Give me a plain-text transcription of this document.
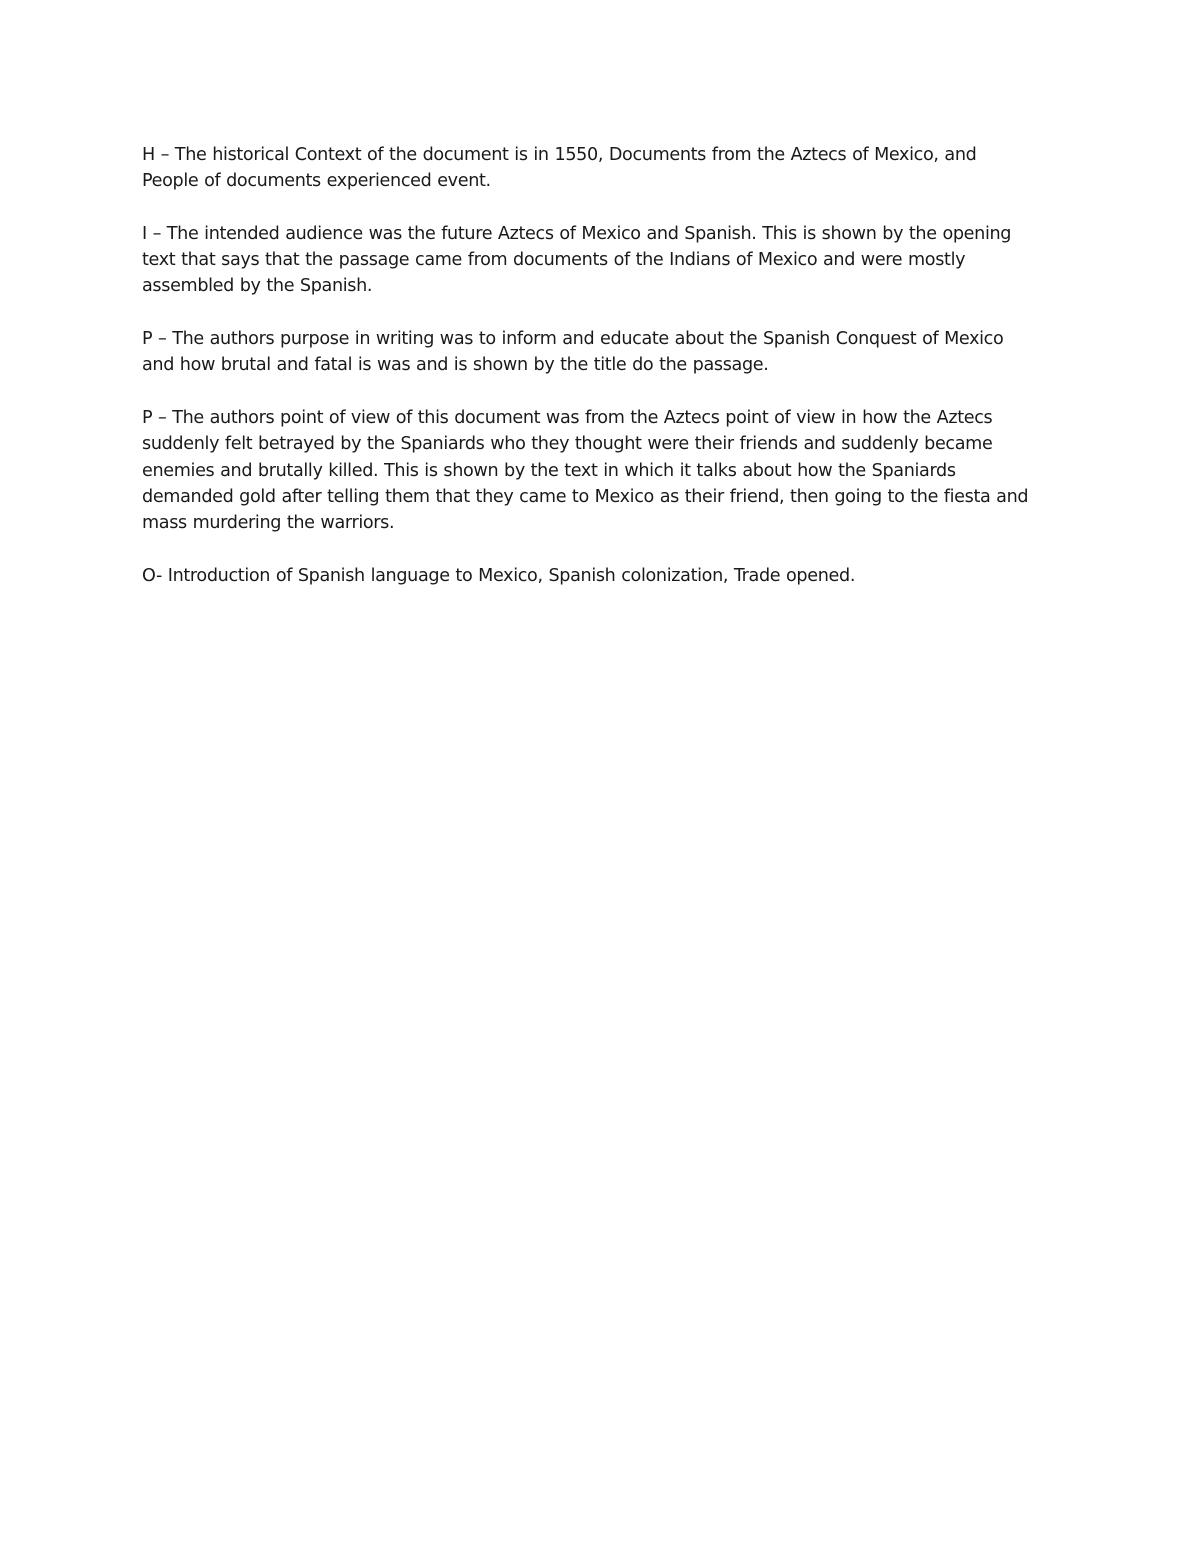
H – The historical Context of the document is in 1550, Documents from the Aztecs of Mexico, and
People of documents experienced event.

I – The intended audience was the future Aztecs of Mexico and Spanish. This is shown by the opening
text that says that the passage came from documents of the Indians of Mexico and were mostly
assembled by the Spanish.

P – The authors purpose in writing was to inform and educate about the Spanish Conquest of Mexico
and how brutal and fatal is was and is shown by the title do the passage.

P – The authors point of view of this document was from the Aztecs point of view in how the Aztecs
suddenly felt betrayed by the Spaniards who they thought were their friends and suddenly became
enemies and brutally killed. This is shown by the text in which it talks about how the Spaniards
demanded gold after telling them that they came to Mexico as their friend, then going to the fiesta and
mass murdering the warriors.

O- Introduction of Spanish language to Mexico, Spanish colonization, Trade opened.
